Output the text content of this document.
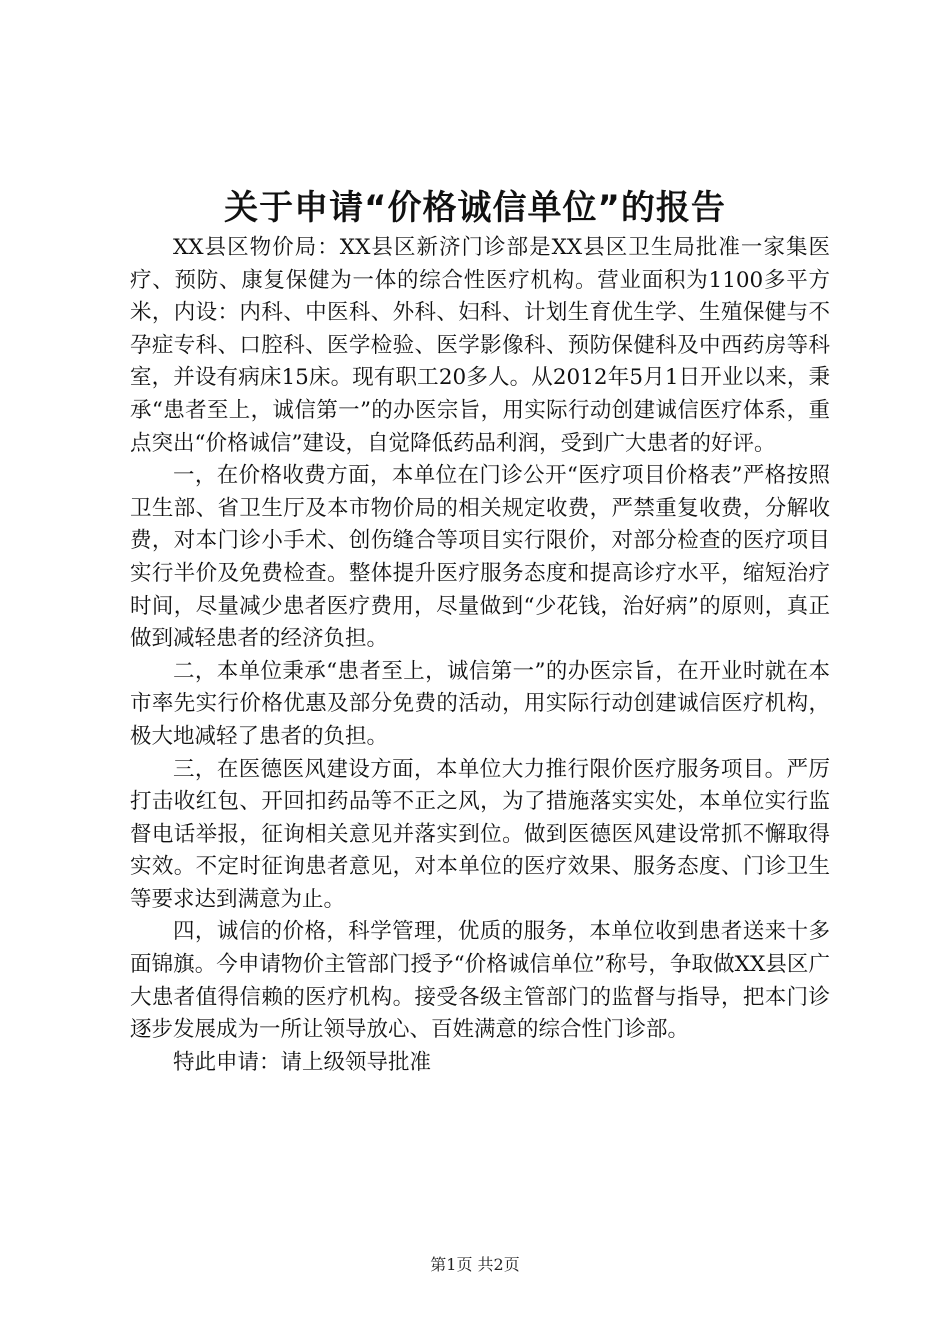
关于申请“价格诚信单位”的报告

XX县区物价局：XX县区新济门诊部是XX县区卫生局批准一家集医疗、预防、康复保健为一体的综合性医疗机构。营业面积为1100多平方米，内设：内科、中医科、外科、妇科、计划生育优生学、生殖保健与不孕症专科、口腔科、医学检验、医学影像科、预防保健科及中西药房等科室，并设有病床15床。现有职工20多人。从2012年5月1日开业以来，秉承“患者至上，诚信第一”的办医宗旨，用实际行动创建诚信医疗体系，重点突出“价格诚信”建设，自觉降低药品利润，受到广大患者的好评。

一，在价格收费方面，本单位在门诊公开“医疗项目价格表”严格按照卫生部、省卫生厅及本市物价局的相关规定收费，严禁重复收费，分解收费，对本门诊小手术、创伤缝合等项目实行限价，对部分检查的医疗项目实行半价及免费检查。整体提升医疗服务态度和提高诊疗水平，缩短治疗时间，尽量减少患者医疗费用，尽量做到“少花钱，治好病”的原则，真正做到减轻患者的经济负担。

二，本单位秉承“患者至上，诚信第一”的办医宗旨，在开业时就在本市率先实行价格优惠及部分免费的活动，用实际行动创建诚信医疗机构，极大地减轻了患者的负担。

三，在医德医风建设方面，本单位大力推行限价医疗服务项目。严厉打击收红包、开回扣药品等不正之风，为了措施落实实处，本单位实行监督电话举报，征询相关意见并落实到位。做到医德医风建设常抓不懈取得实效。不定时征询患者意见，对本单位的医疗效果、服务态度、门诊卫生等要求达到满意为止。

四，诚信的价格，科学管理，优质的服务，本单位收到患者送来十多面锦旗。今申请物价主管部门授予“价格诚信单位”称号，争取做XX县区广大患者值得信赖的医疗机构。接受各级主管部门的监督与指导，把本门诊逐步发展成为一所让领导放心、百姓满意的综合性门诊部。

特此申请：请上级领导批准

第1页 共2页
